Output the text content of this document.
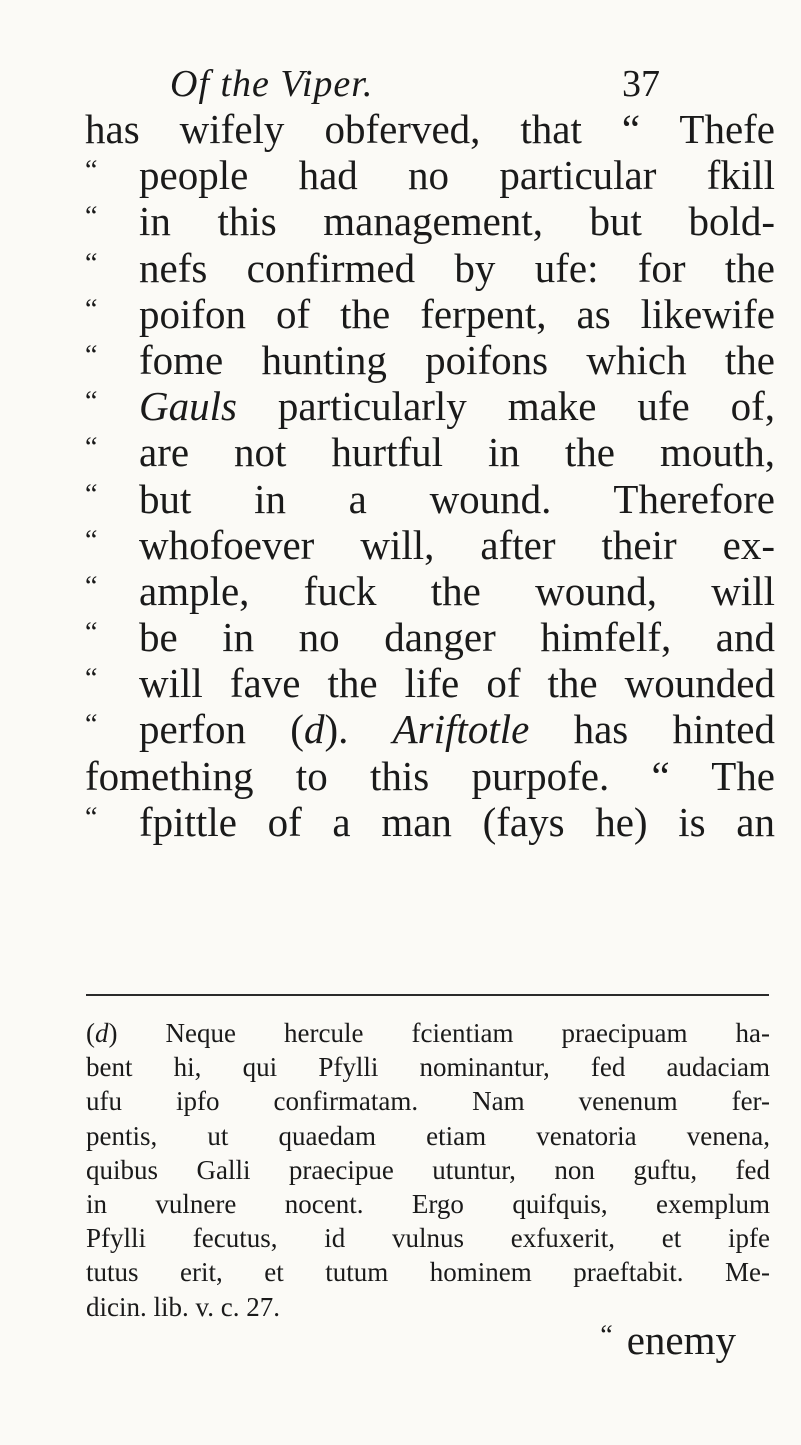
Of the Viper.	37
has wifely obferved, that “ Thefe
“	people had no particular fkill
“	in this management, but bold-
“	nefs confirmed by ufe: for the
“	poifon of the ferpent, as likewife
“	fome hunting poifons which the
“	Gauls particularly make ufe of,
“	are not hurtful in the mouth,
“	but in a wound. Therefore
“	whofoever will, after their ex-
“	ample, fuck the wound, will
“	be in no danger himfelf, and
“	will fave the life of the wounded
“	perfon (d). Ariftotle has hinted
fomething to this purpofe. “ The
“	fpittle of a man (fays he) is an
(d) Neque hercule fcientiam praecipuam ha-
bent hi, qui Pfylli nominantur, fed audaciam
ufu ipfo confirmatam. Nam venenum fer-
pentis, ut quaedam etiam venatoria venena,
quibus Galli praecipue utuntur, non guftu, fed
in vulnere nocent. Ergo quifquis, exemplum
Pfylli fecutus, id vulnus exfuxerit, et ipfe
tutus erit, et tutum hominem praeftabit. Me-
dicin. lib. v. c. 27.
“ enemy
